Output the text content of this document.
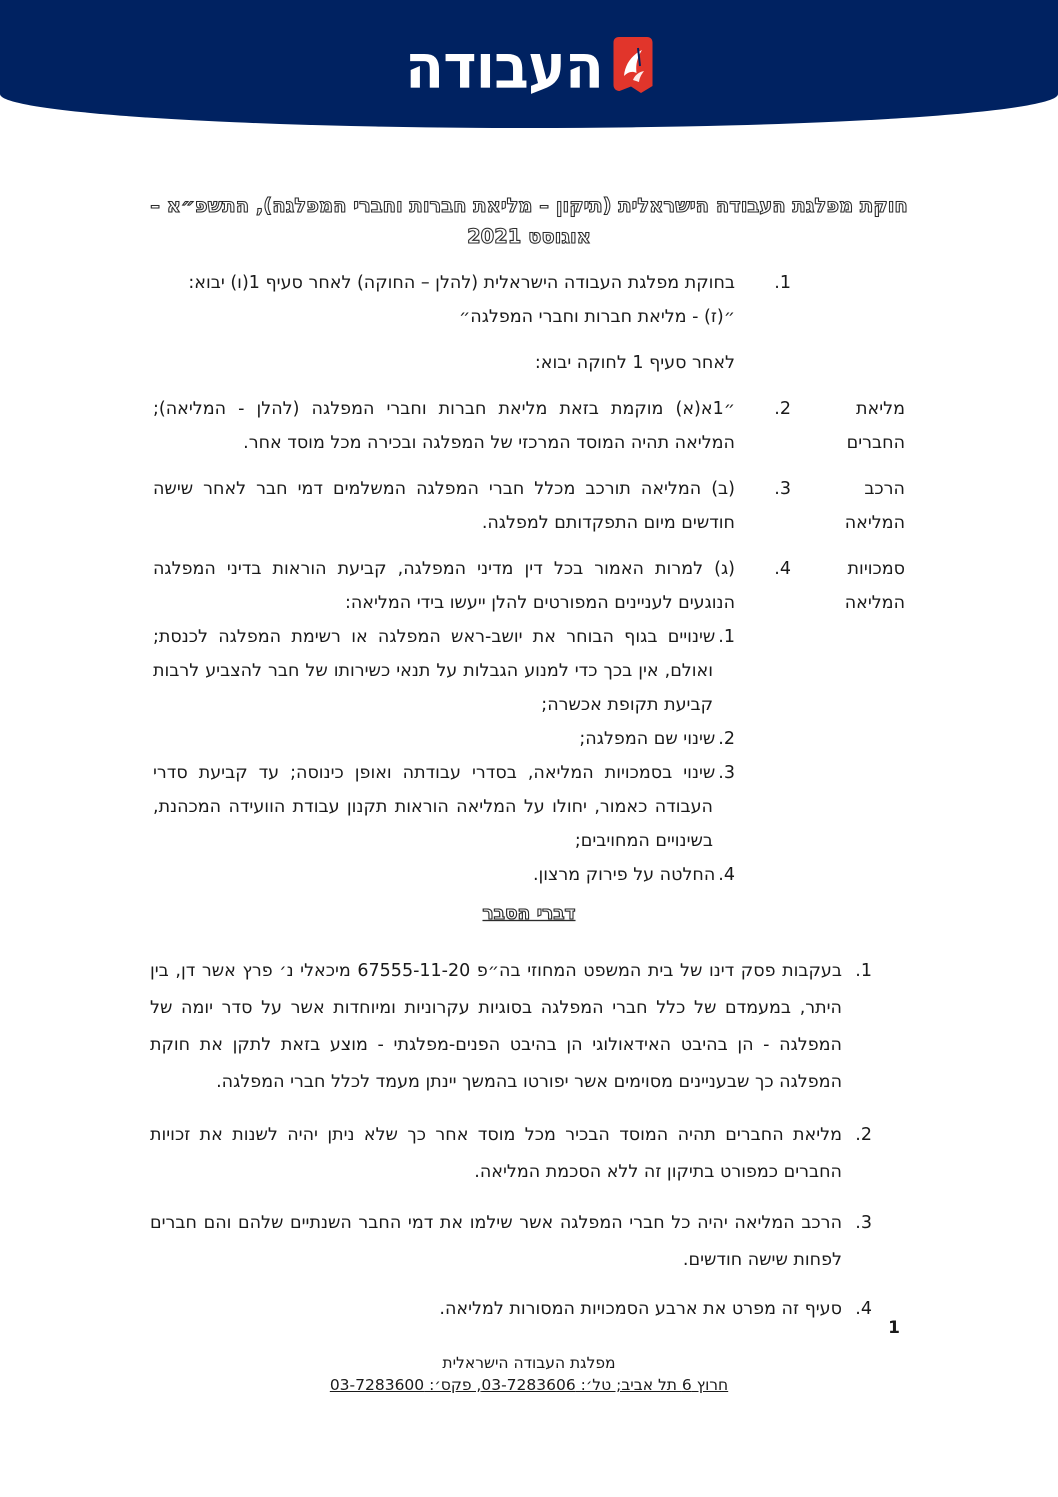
העבודה
חוקת מפלגת העבודה הישראלית (תיקון – מליאת חברות וחברי המפלגה), התשפ״א –
אוגוסט 2021
1.
בחוקת מפלגת העבודה הישראלית (להלן – החוקה) לאחר סעיף 1(ו) יבוא:
״(ז) - מליאת חברות וחברי המפלגה״
לאחר סעיף 1 לחוקה יבוא:
מליאת החברים
2.
״1א(א) מוקמת בזאת מליאת חברות וחברי המפלגה (להלן - המליאה); המליאה תהיה המוסד המרכזי של המפלגה ובכירה מכל מוסד אחר.
הרכב המליאה
3.
(ב) המליאה תורכב מכלל חברי המפלגה המשלמים דמי חבר לאחר שישה חודשים מיום התפקדותם למפלגה.
סמכויות המליאה
4.
(ג) למרות האמור בכל דין מדיני המפלגה, קביעת הוראות בדיני המפלגה הנוגעים לעניינים המפורטים להלן ייעשו בידי המליאה:
1.שינויים בגוף הבוחר את יושב-ראש המפלגה או רשימת המפלגה לכנסת; ואולם, אין בכך כדי למנוע הגבלות על תנאי כשירותו של חבר להצביע לרבות קביעת תקופת אכשרה;
2.שינוי שם המפלגה;
3.שינוי בסמכויות המליאה, בסדרי עבודתה ואופן כינוסה; עד קביעת סדרי העבודה כאמור, יחולו על המליאה הוראות תקנון עבודת הוועידה המכהנת, בשינויים המחויבים;
4.החלטה על פירוק מרצון.
דברי הסבר
1.
בעקבות פסק דינו של בית המשפט המחוזי בה״פ 67555-11-20 מיכאלי נ׳ פרץ אשר דן, בין היתר, במעמדם של כלל חברי המפלגה בסוגיות עקרוניות ומיוחדות אשר על סדר יומה של המפלגה - הן בהיבט האידאולוגי הן בהיבט הפנים-מפלגתי - מוצע בזאת לתקן את חוקת המפלגה כך שבעניינים מסוימים אשר יפורטו בהמשך יינתן מעמד לכלל חברי המפלגה.
2.
מליאת החברים תהיה המוסד הבכיר מכל מוסד אחר כך שלא ניתן יהיה לשנות את זכויות החברים כמפורט בתיקון זה ללא הסכמת המליאה.
3.
הרכב המליאה יהיה כל חברי המפלגה אשר שילמו את דמי החבר השנתיים שלהם והם חברים לפחות שישה חודשים.
4.
סעיף זה מפרט את ארבע הסמכויות המסורות למליאה.
1
מפלגת העבודה הישראלית
חרוץ 6 תל אביב; טל׳: 03-7283606, פקס׳: 03-7283600
